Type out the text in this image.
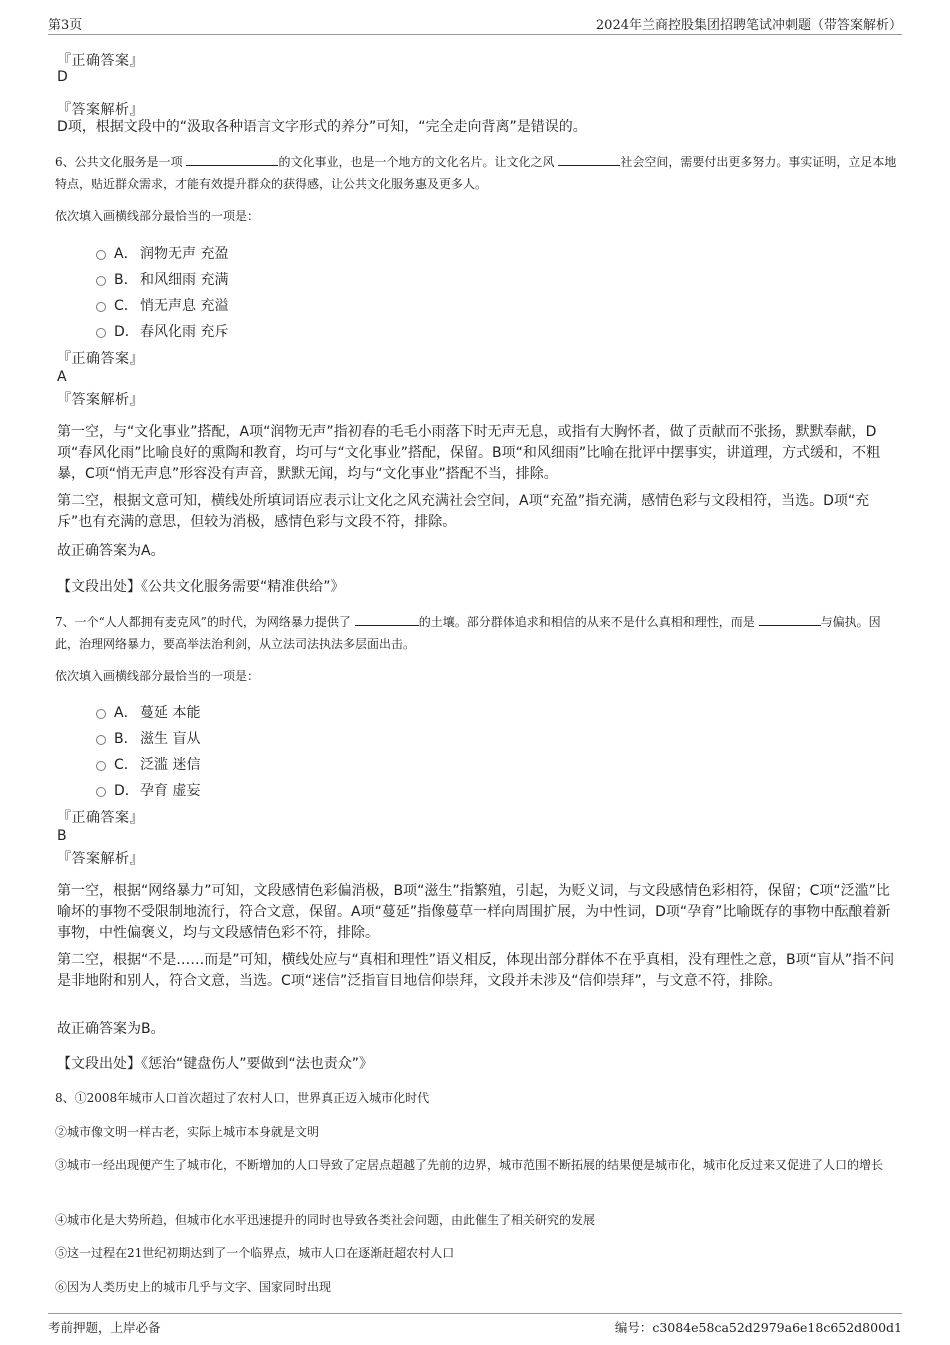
第3页	2024年兰商控股集团招聘笔试冲刺题（带答案解析）
『正确答案』
D
『答案解析』
D项，根据文段中的“汲取各种语言文字形式的养分”可知，“完全走向背离”是错误的。
6、公共文化服务是一项	的文化事业，也是一个地方的文化名片。让文化之风	社会空间，需要付出更多努力。事实证明，立足本地特点，贴近群众需求，才能有效提升群众的获得感，让公共文化服务惠及更多人。
依次填入画横线部分最恰当的一项是：
A． 润物无声 充盈
B． 和风细雨 充满
C． 悄无声息 充溢
D．春风化雨 充斥
『正确答案』
A
『答案解析』
第一空，与“文化事业”搭配，A项“润物无声”指初春的毛毛小雨落下时无声无息，或指有大胸怀者，做了贡献而不张扬，默默奉献，D项“春风化雨”比喻良好的熏陶和教育，均可与“文化事业”搭配，保留。B项“和风细雨”比喻在批评中摆事实，讲道理，方式缓和，不粗暴，C项“悄无声息”形容没有声音，默默无闻，均与“文化事业”搭配不当，排除。
第二空，根据文意可知，横线处所填词语应表示让文化之风充满社会空间，A项“充盈”指充满，感情色彩与文段相符，当选。D项“充斥”也有充满的意思，但较为消极，感情色彩与文段不符，排除。
故正确答案为A。
【文段出处】《公共文化服务需要“精准供给”》
7、一个“人人都拥有麦克风”的时代，为网络暴力提供了	的土壤。部分群体追求和相信的从来不是什么真相和理性，而是	与偏执。因此，治理网络暴力，要高举法治利剑，从立法司法执法多层面出击。
依次填入画横线部分最恰当的一项是：
A． 蔓延 本能
B． 滋生 盲从
C． 泛滥 迷信
D．孕育 虚妄
『正确答案』
B
『答案解析』
第一空，根据“网络暴力”可知，文段感情色彩偏消极，B项“滋生”指繁殖，引起，为贬义词，与文段感情色彩相符，保留；C项“泛滥”比喻坏的事物不受限制地流行，符合文意，保留。A项“蔓延”指像蔓草一样向周围扩展，为中性词，D项“孕育”比喻既存的事物中酝酿着新事物，中性偏褒义，均与文段感情色彩不符，排除。
第二空，根据“不是……而是”可知，横线处应与“真相和理性”语义相反，体现出部分群体不在乎真相，没有理性之意，B项“盲从”指不问是非地附和别人，符合文意，当选。C项“迷信”泛指盲目地信仰崇拜，文段并未涉及“信仰崇拜”，与文意不符，排除。
故正确答案为B。
【文段出处】《惩治“键盘伤人”要做到“法也责众”》
8、①2008年城市人口首次超过了农村人口，世界真正迈入城市化时代
②城市像文明一样古老，实际上城市本身就是文明
③城市一经出现便产生了城市化，不断增加的人口导致了定居点超越了先前的边界，城市范围不断拓展的结果便是城市化，城市化反过来又促进了人口的增长
④城市化是大势所趋，但城市化水平迅速提升的同时也导致各类社会问题，由此催生了相关研究的发展
⑤这一过程在21世纪初期达到了一个临界点，城市人口在逐渐赶超农村人口
⑥因为人类历史上的城市几乎与文字、国家同时出现
考前押题，上岸必备	编号：c3084e58ca52d2979a6e18c652d800d1
